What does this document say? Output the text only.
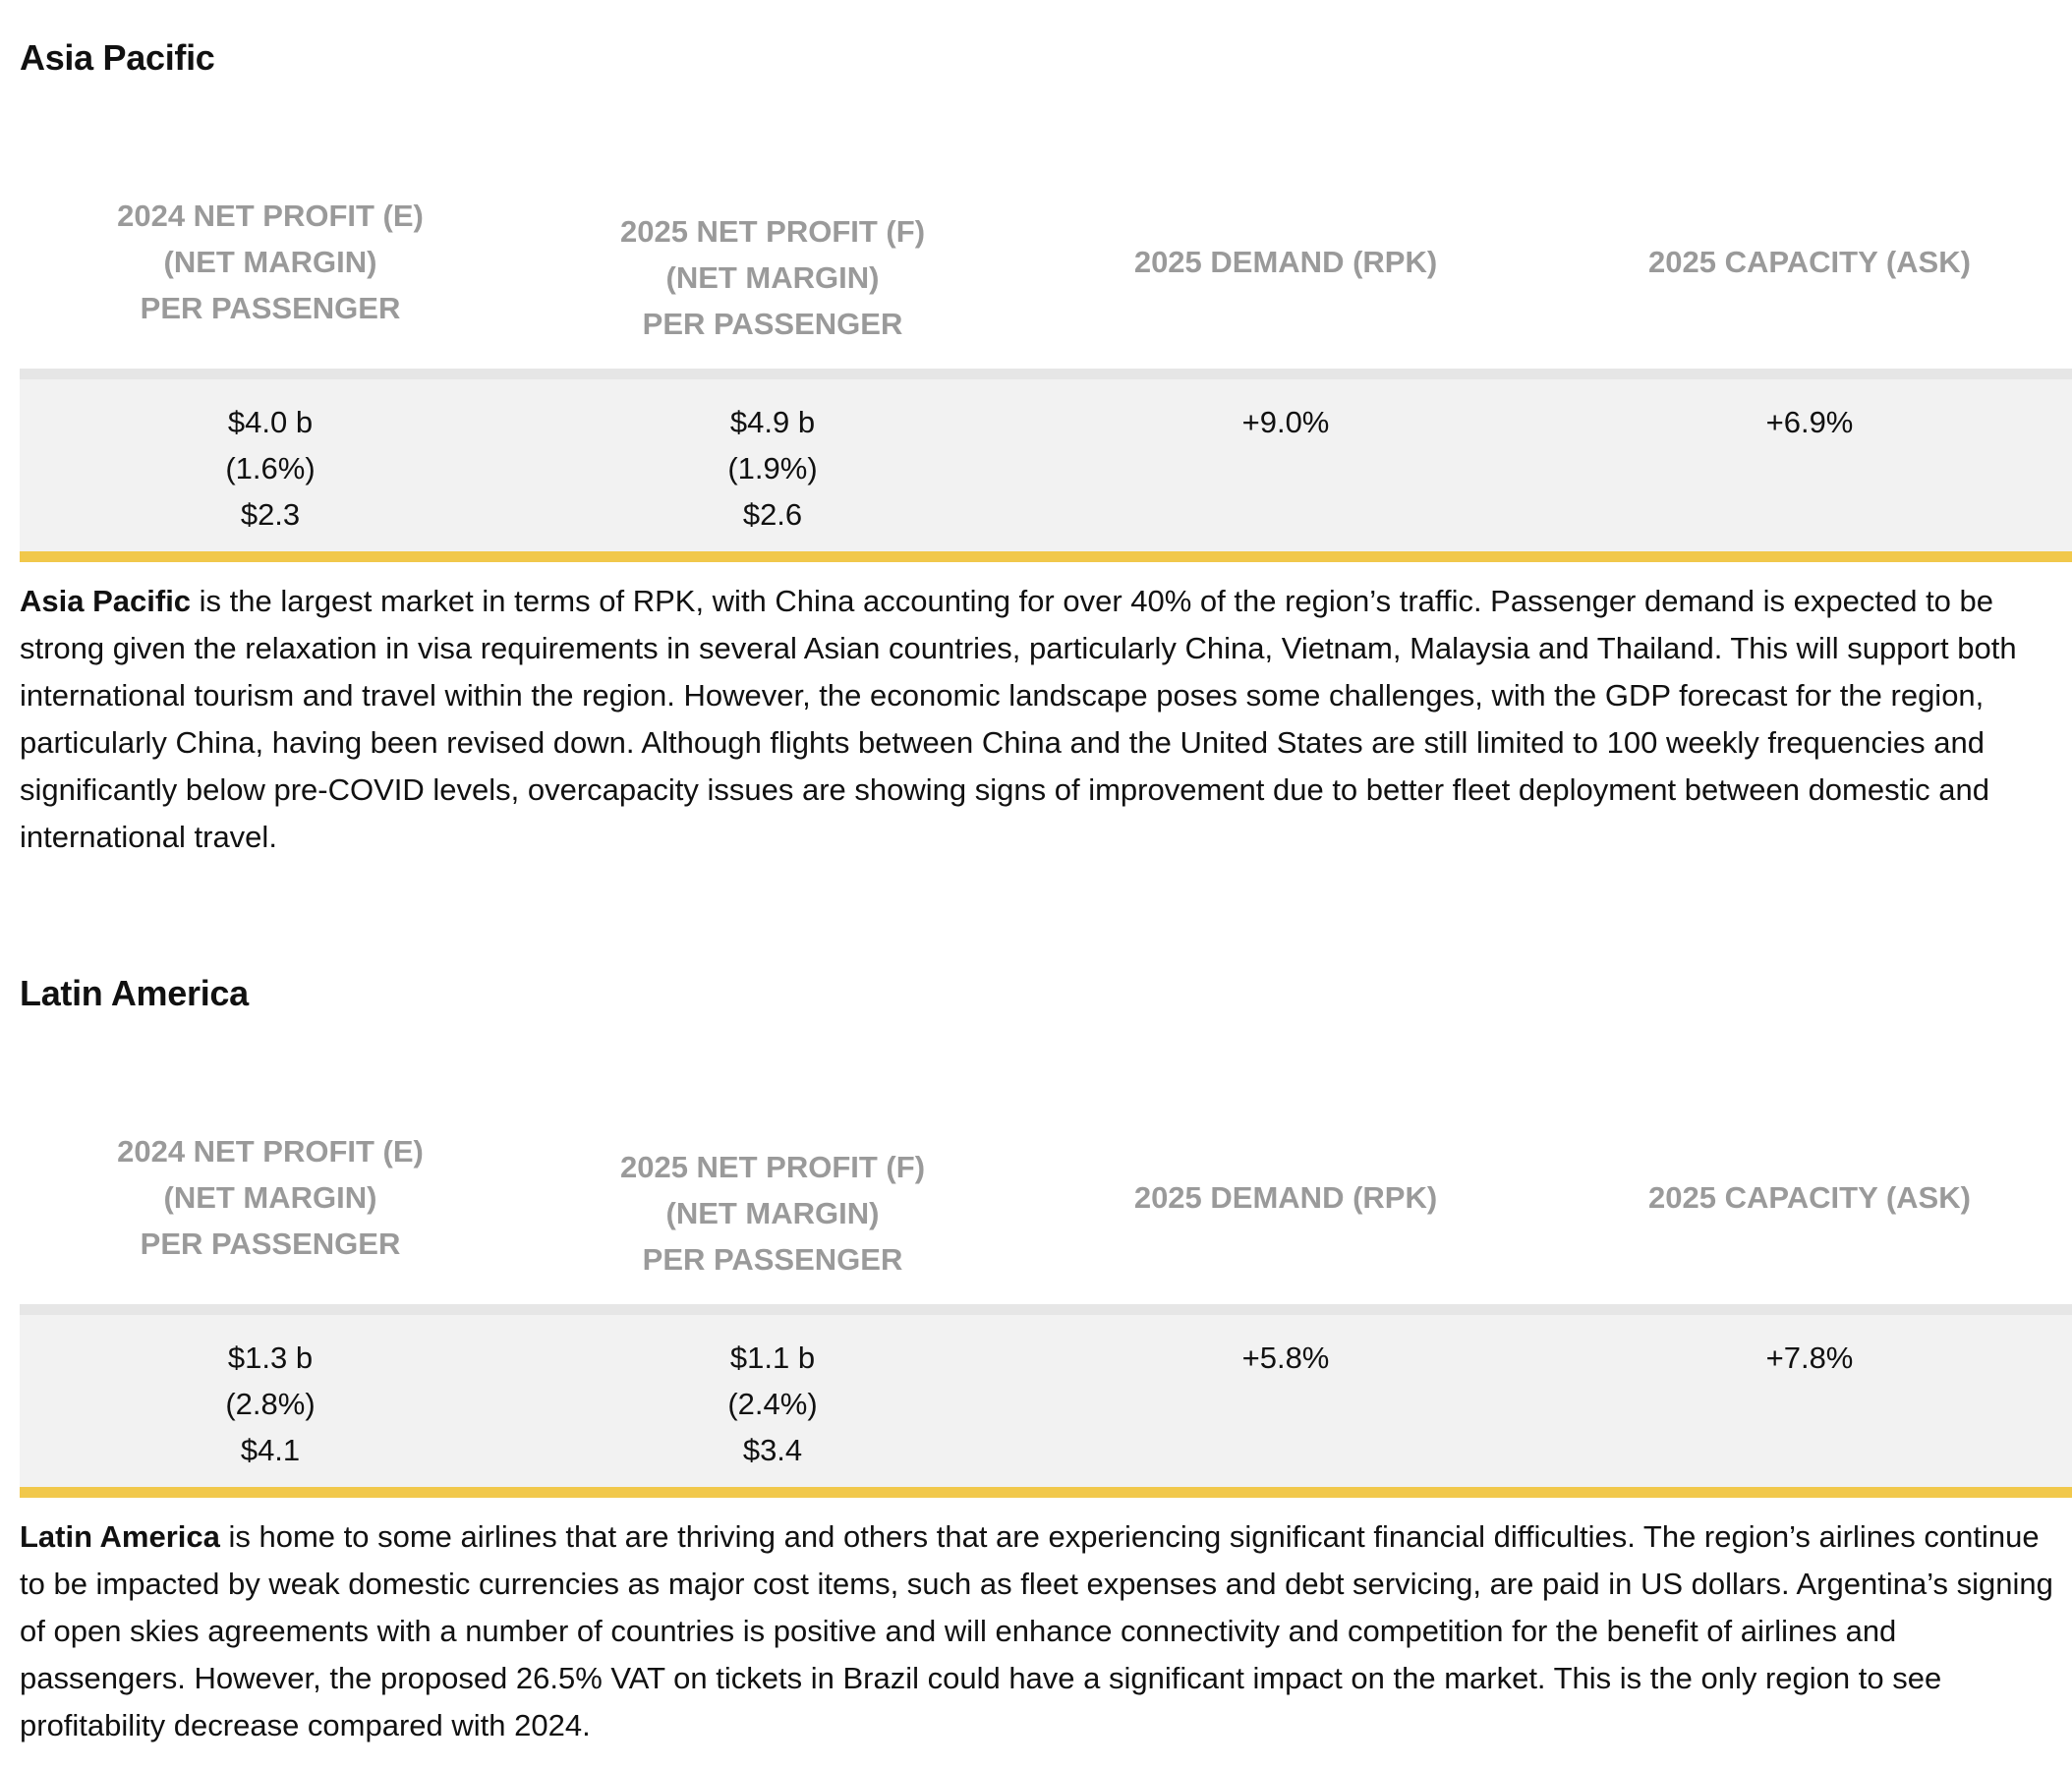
Asia Pacific
2024 NET PROFIT (E)
(NET MARGIN)
PER PASSENGER	2025 NET PROFIT (F)
(NET MARGIN)
PER PASSENGER	2025 DEMAND (RPK)	2025 CAPACITY (ASK)

$4.0 b
(1.6%)
$2.3	$4.9 b
(1.9%)
$2.6	+9.0%	+6.9%

Asia Pacific is the largest market in terms of RPK, with China accounting for over 40% of the region’s traffic. Passenger demand is expected to be strong given the relaxation in visa requirements in several Asian countries, particularly China, Vietnam, Malaysia and Thailand. This will support both international tourism and travel within the region. However, the economic landscape poses some challenges, with the GDP forecast for the region, particularly China, having been revised down. Although flights between China and the United States are still limited to 100 weekly frequencies and significantly below pre-COVID levels, overcapacity issues are showing signs of improvement due to better fleet deployment between domestic and international travel.

Latin America
2024 NET PROFIT (E)
(NET MARGIN)
PER PASSENGER	2025 NET PROFIT (F)
(NET MARGIN)
PER PASSENGER	2025 DEMAND (RPK)	2025 CAPACITY (ASK)

$1.3 b
(2.8%)
$4.1	$1.1 b
(2.4%)
$3.4	+5.8%	+7.8%

Latin America is home to some airlines that are thriving and others that are experiencing significant financial difficulties. The region’s airlines continue to be impacted by weak domestic currencies as major cost items, such as fleet expenses and debt servicing, are paid in US dollars. Argentina’s signing of open skies agreements with a number of countries is positive and will enhance connectivity and competition for the benefit of airlines and passengers. However, the proposed 26.5% VAT on tickets in Brazil could have a significant impact on the market. This is the only region to see profitability decrease compared with 2024.
